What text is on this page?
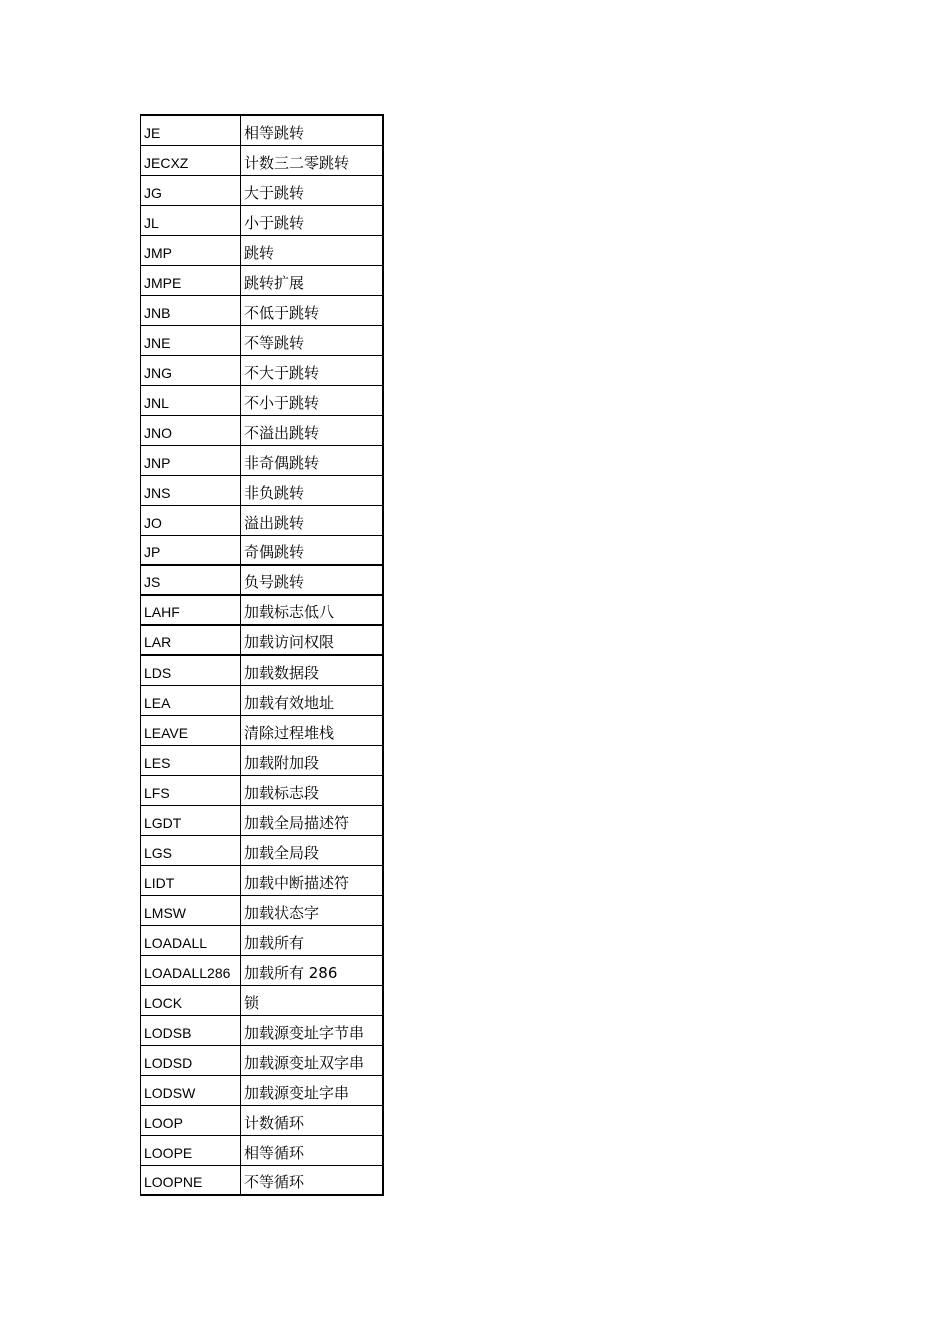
JE	相等跳转
JECXZ	计数三二零跳转
JG	大于跳转
JL	小于跳转
JMP	跳转
JMPE	跳转扩展
JNB	不低于跳转
JNE	不等跳转
JNG	不大于跳转
JNL	不小于跳转
JNO	不溢出跳转
JNP	非奇偶跳转
JNS	非负跳转
JO	溢出跳转
JP	奇偶跳转
JS	负号跳转
LAHF	加载标志低八
LAR	加载访问权限
LDS	加载数据段
LEA	加载有效地址
LEAVE	清除过程堆栈
LES	加载附加段
LFS	加载标志段
LGDT	加载全局描述符
LGS	加载全局段
LIDT	加载中断描述符
LMSW	加载状态字
LOADALL	加载所有
LOADALL286	加载所有 286
LOCK	锁
LODSB	加载源变址字节串
LODSD	加载源变址双字串
LODSW	加载源变址字串
LOOP	计数循环
LOOPE	相等循环
LOOPNE	不等循环
